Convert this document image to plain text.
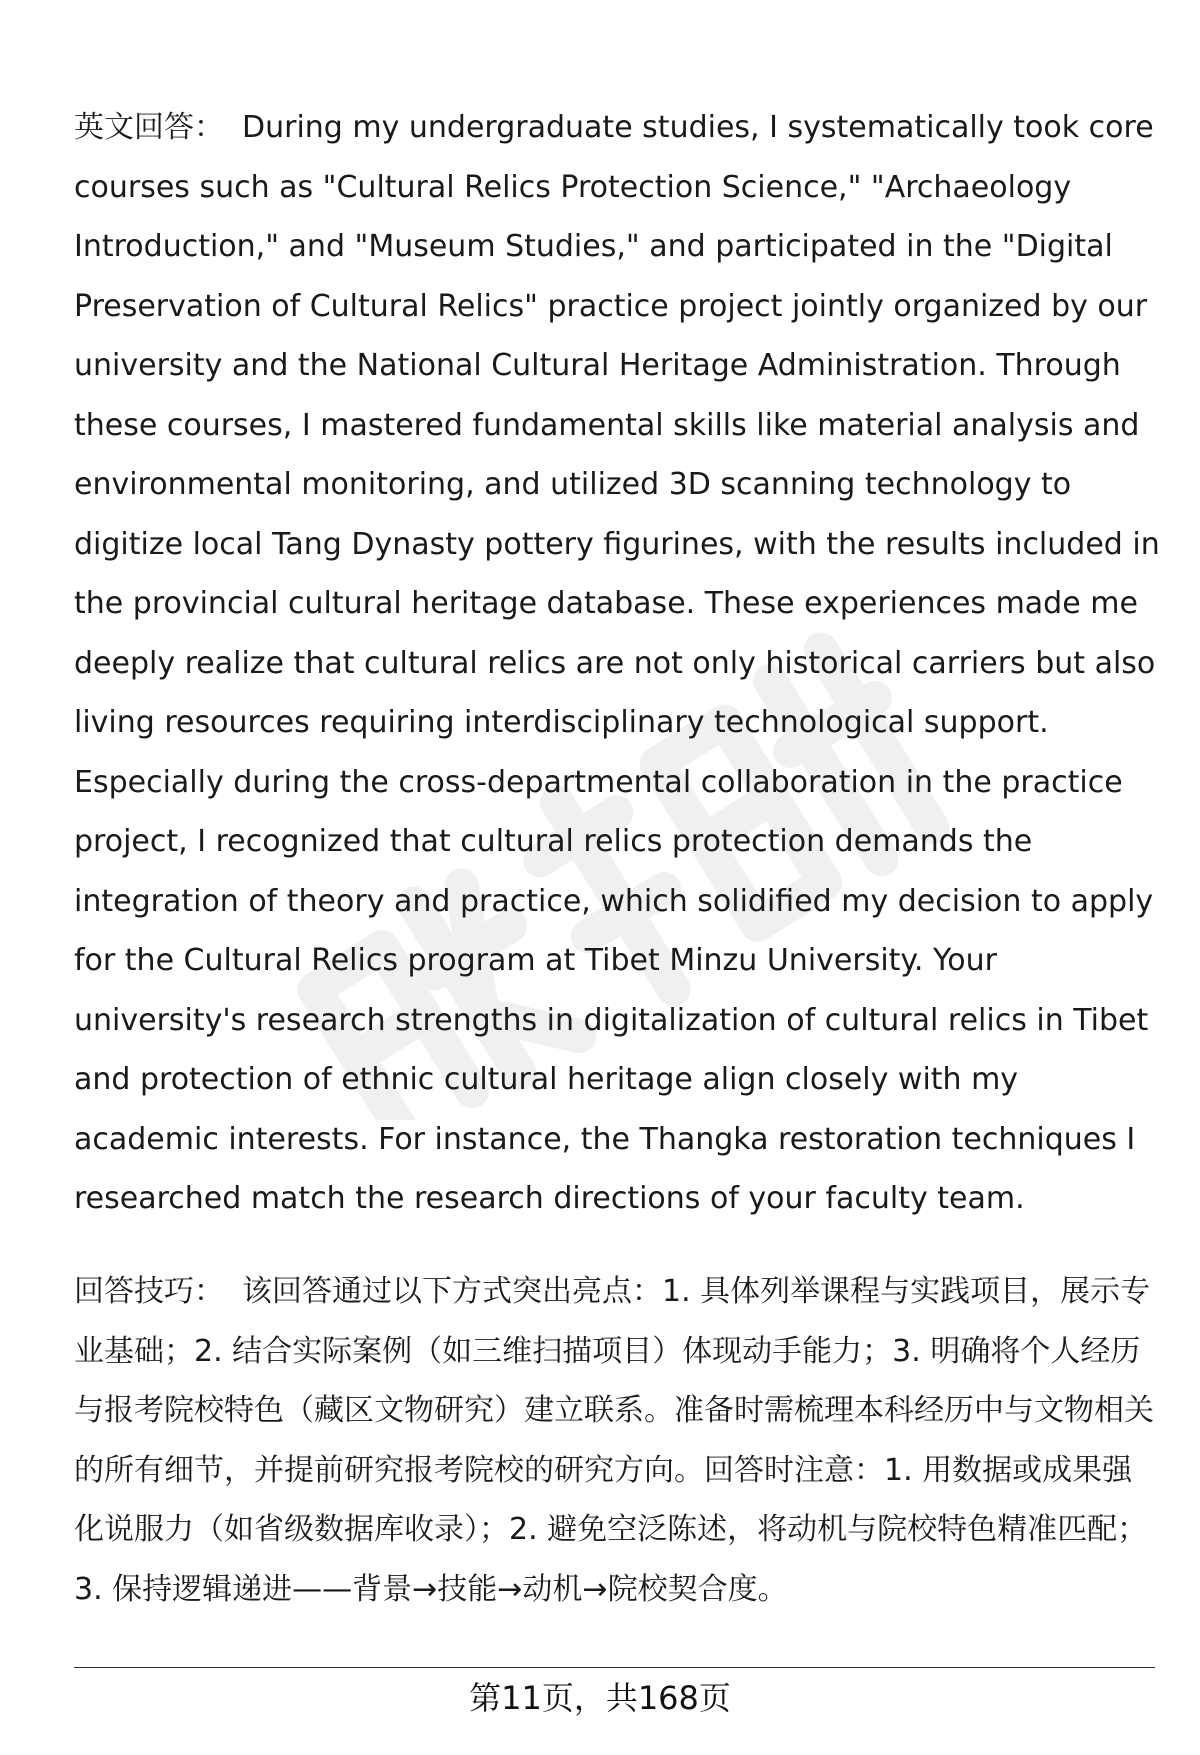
英文回答： During my undergraduate studies, I systematically took core courses such as "Cultural Relics Protection Science," "Archaeology Introduction," and "Museum Studies," and participated in the "Digital Preservation of Cultural Relics" practice project jointly organized by our university and the National Cultural Heritage Administration. Through these courses, I mastered fundamental skills like material analysis and environmental monitoring, and utilized 3D scanning technology to digitize local Tang Dynasty pottery figurines, with the results included in the provincial cultural heritage database. These experiences made me deeply realize that cultural relics are not only historical carriers but also living resources requiring interdisciplinary technological support. Especially during the cross-departmental collaboration in the practice project, I recognized that cultural relics protection demands the integration of theory and practice, which solidified my decision to apply for the Cultural Relics program at Tibet Minzu University. Your university's research strengths in digitalization of cultural relics in Tibet and protection of ethnic cultural heritage align closely with my academic interests. For instance, the Thangka restoration techniques I researched match the research directions of your faculty team.

回答技巧： 该回答通过以下方式突出亮点：1. 具体列举课程与实践项目，展示专业基础；2. 结合实际案例（如三维扫描项目）体现动手能力；3. 明确将个人经历与报考院校特色（藏区文物研究）建立联系。准备时需梳理本科经历中与文物相关的所有细节，并提前研究报考院校的研究方向。回答时注意：1. 用数据或成果强化说服力（如省级数据库收录）；2. 避免空泛陈述，将动机与院校特色精准匹配；3. 保持逻辑递进——背景→技能→动机→院校契合度。

第11页，共168页
